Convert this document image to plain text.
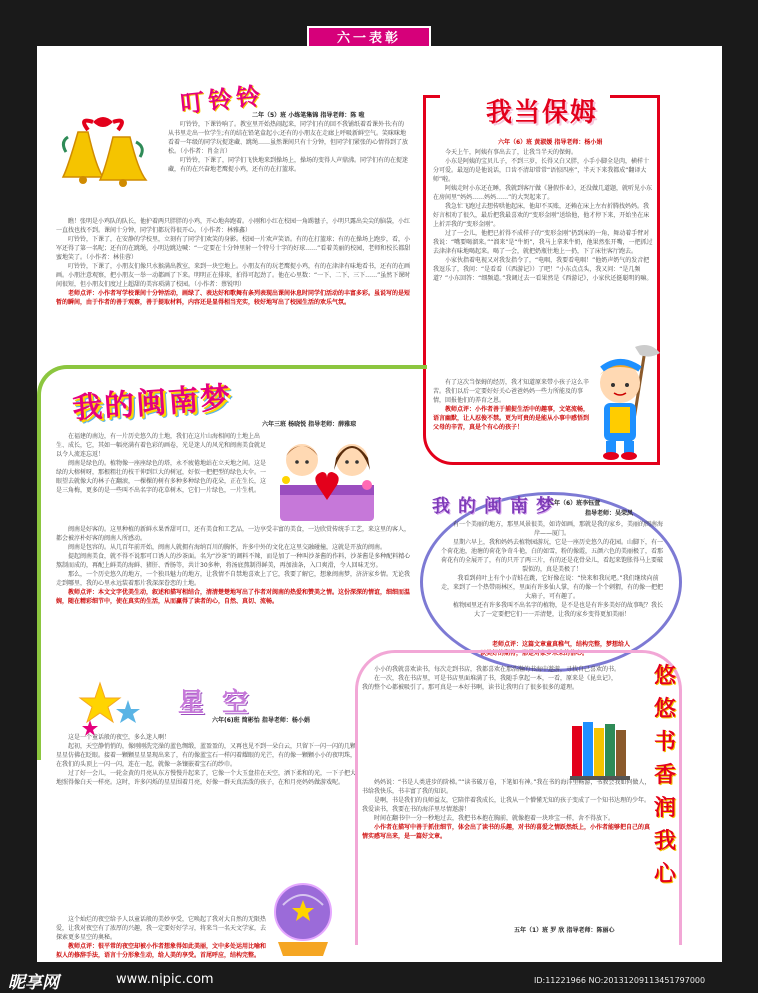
六一表彰
叮铃铃
二年（5）班 小练笔集锦 指导老师：陈 啦

叮铃铃，下课铃响了。教室里开始热闹起来，同学们有的回不我铺纸着看课外书;有的从书里走出一位学生;有的结在铅笔盒起小;还有的小朋友在走廊上呼吸新鲜空气。笑咪咪地看着一年级的同学玩捉迷藏、跳绳……虽然课间只有十分钟，但同学们紧张的心情得到了放松。（小作者：肖金言）

叮铃铃，下课了，同学们飞快地来到操场上，操场的变得人声鼎沸。同学们有的在捉迷藏，有的在兴奋地老鹰捉小鸡，还有的在打篮球。

瞧！张明是小鸡队的队长，他护着两只胖胖的小鸡，开心地奔跑着。小刚和小红在校园一角踢毽子，小明只露出尖尖的脑袋，小红一直找也找不到。课间十分钟，同学们都玩得很开心。（小作者：林雅鑫）

叮铃铃，下课了，在安静的学校里，立刻有了同学们欢笑的身影。校园一片欢声笑语。有的在打篮球；有的在操场上跑步，看，小军还得了第一名呢；还有的在跳绳，小明边跳边喊：“一定要在十分钟里射一个特号十字的好球……”看着美丽的校园，老师和校长都甜蜜地笑了。（小作者：林佳蓉）

叮铃铃，下课了，小朋友们像只水猴满出教室，来到一块空地上。小朋友有的玩老鹰捉小鸡，有的在津津有味地看书，还有的在画画。小朋注意观察，把小朋友一举一动都画了下来。明明正在排球，拍得可起劲了。他在心里数：“一下、二下、三下……”虽然下课时间很短，但小朋友们度过上超甜的美容琐满了校园。（小作者：蔡锐明）

老师点评：小作者写学校课间十分钟活动，画绿了、表达好和歌舞有条列表现出课间休息时同学们活动的丰富多彩。虽说写的是短暂的瞬间，由于作者的善于观察，善于提取材料，内容还是显得相当充实，较好地写出了校园生活的欢乐气氛。

我当保姆
六年（6）班 黄淑媛 指导老师：杨小娟

今天上午，阿姨有事出去了，让我当半天的保姆。

小东是阿姨的宝贝儿子，不到三岁，长得又白又胖，小手小脚全是肉，横样十分可爱。最逗的是他说话，口齿不清却常常“语惊四座”，半天下来我都成“翻译大师”啦。

阿姨走时小东还在睡，我就到客厅做《暑假作业》，还没做几道题，就听见小东在房间里“妈妈……妈妈……”的大哭起来了。

我急忙飞跑过去想传哄他起床，他却不买账，还赖在床上左右折腾找妈妈。我好言相劝了很久，最后把我最喜欢的“变形金刚”送给他，他才停下来，开始坐在床上折弄我的“变形金刚”。

过了一会儿，他把已折得不成样子的“变形金刚”扔到床的一角，舞动着手臂对我说：“嘴要喝溜来。”“溜来”是“牛奶”，我马上拿来牛奶，他果然张开嘴，一把抓过去津津有味地喝起来。喝了一会，就把奶瓶往地上一扔，下了床往客厅跑去。

小家伙指着电视又对我发指令了，“电咽，我要看电咽！”他奶声奶气的发音把我逗乐了，我问：“是看看（《西游记》）了吧！”小东点点头，我又问：“是几频道？”小东回答：“细频道。”我调过去一看果然是《西游记》，小家伙还挺聪明的嘛。

有了这次当保姆的经历，我才知道原来带小孩子这么辛苦。我们以后一定要好好关心爸爸妈妈一些力所能及的事情，回报他们的养育之恩。

教师点评：小作者善于捕捉生活中的趣事，文笔流畅，语言幽默，让人忍俊不禁。更为可贵的是能从小事中感悟到父母的辛苦，真是个有心的孩子！

我的闽南梦	六年三班 杨晓悦 指导老师：薛雅琼

在福建的南边，有一片历史悠久的土地，我们在这片山海相间的土地上出生、成长，它，其如一幅亮满有着色彩的画卷，光是迷人的风光和闽南美食就足以令人流连忘返！

闽南是绿色的。植物像一座座绿色的塔，永不疲倦地站在立天地之间。这是绿的大榕树呀，那根粗壮的枝干伸到巨大的树冠，好似一把把型的绿色大伞。一眼望去就像大的林子在翻滚，一棵棵的树有多种多种绿色的花朵，正在生长，这是三角梅，更多的是一些叫不出名字的花草树木，它们一片绿色，一片生机。

闽南是好客的。这里种植的新鲜水果香甜可口，还有美食和工艺品，一边享受丰富的美食，一边欣赏传统手工艺，来这里的客人，都会被淳朴好客的闽南人所感动。

闽南是包容的。从几百年前开始，闽南人就拥有海纳百川的胸怀，许多中外的文化在这里交融碰撞，这就是开放的闽南。

提起闽南美食，就不得不说那可口诱人的沙茶面。名为“沙茶”的调料不辣，而是加了一种叫沙茶酱的作料，沙茶酱是多种配料精心熬制而成的，再配上鲜美的海鲜、猪肝、香肠等，共计30多种，将汤底熬制得鲜美，再加油条，入口爽滑，令人回味无穷。

那么，一个历史悠久的地方，一个独具魅力的地方，让我情不自禁地喜欢上了它，我要了解它，想象闽南梦，济济家乡情。无论我走到哪里，我的心里永远装着那片我深深眷恋的土地。

教师点评：本文文字优美生动，叙述和描写相结合，清清楚楚地写出了作者对闽南的热爱和赞美之情。这份深深的情谊，细细而温婉，随在精彩细节中，使在真实的生活，从而赢得了读者的心，自然、真切、流畅。

我的闽南梦
二年（6）班李钰萱
指导老师：吴荣凤

有一个美丽的地方，那里风景很美，如诗如画，那就是我的家乡，美丽的闽南海岸——厦门。

星期六早上，我和妈妈去植物园游玩，它是一座历史悠久的花园。山脚下，有一个荷花池，池塘的荷花争奇斗艳，白的如雪，粉的像霞，五颜六色的美丽极了，看那荷花有的全展开了，有的只开了两三片，有的还是花骨朵儿，看起来饱胀得马上要破裂似的，真是美极了！

我看到荷叶上有个小青蛙在跳，它好像在说：“快来和我玩吧。”我们继续向前走，来到了一个热带雨林区，里面有许多仙人掌，有的像一个个刺猬，有的像一把把大扇子，可有趣了。

植物园里还有许多我叫不出名字的植物，是不是也是有许多美好的故事呢？我长大了一定要把它们一一弄清楚，让我的家乡变得更加美丽！

老师点评：这篇文章童真稚气，结构完整，梦想给人以美好的期待，那是对家乡未来的信心。

星空
六年(6)班 简彬怡 指导老师：杨小娟

这是一个童话般的夜空，多么迷人啊！

起初，天空静悄悄的，像刚刚洗完澡的蓝色绸缎，蓝盈盈的，又再也见不到一朵白云，只留下一闪一闪的几颗星星仿佛在眨眼。接着一颗颗星星显现出来了，有的像蓝宝石一样闪着耀眼的光芒，有的像一颗颗小小的夜明珠，在我们的头顶上一闪一闪，连在一起，就像一条镶嵌着宝石的纱巾。

过了好一会儿，一轮金黄的月亮从东方慢慢升起来了，它像一个大玉盘挂在天空，洒下柔和的光，一下子把大地照得像白天一样亮。这时，许多闪烁的星星围着月亮，好像一群天真活泼的孩子，在和月亮妈妈做游戏呢。

这个灿烂的夜空给予人以童话般的美妙享受，它唤起了我对大自然的无限热爱，让我对夜空有了浓厚的兴趣，我一定要好好学习，将来当一名天文学家，去探索更多星空的奥秘。

教师点评：很平常的夜空却被小作者想象得如此美丽，文中多处运用比喻和拟人的修辞手法，语言十分形象生动，给人美的享受。首尾呼应，结构完整。

小小的我就喜欢读书，每次走到书店，我都喜欢在那浩瀚的书海中遨游，寻找自己喜欢的书。

在一次，我在书店里，可是书店里面堆满了书，我随手拿起一本，一看，原来是《昆虫记》，我的整个心都被吸引了。那可真是一本好书啊，读书让我明白了很多很多的道理。	悠悠书香润我心

妈妈说：“书是人类进步的阶梯。”“读书破万卷，下笔如有神。”我在书的海洋里畅游，书教会我如何做人，书给我快乐，书丰富了我的知识。

是啊，书是我们的良师益友，它陪伴着我成长，让我从一个懵懂无知的孩子变成了一个知书达理的少年。我爱读书，我要在书的海洋里尽情遨游！

时间在翻书中一分一秒地过去，我把书本抱在胸前，就像抱着一块珍宝一样，舍不得放下。

小作者在描写中善于抓住细节，体会出了读书的乐趣，对书的喜爱之情跃然纸上，小作者能够把自己的真情实感写出来，是一篇好文章。

五年（1）班 罗 欣 指导老师：陈丽心
昵享网	www.nipic.com	ID:11221966 NO:20131209113451797000
